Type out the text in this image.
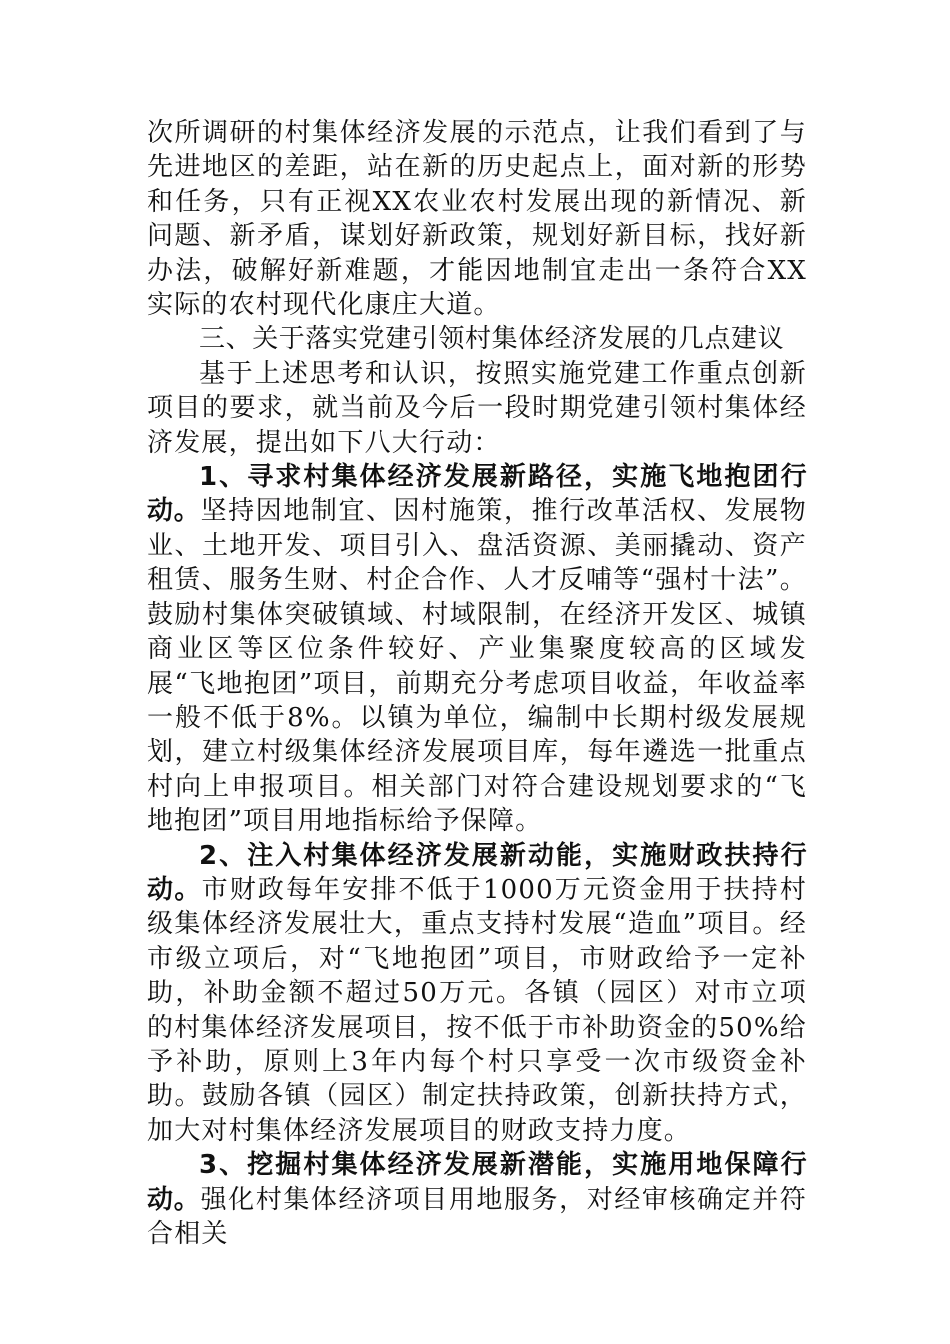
次所调研的村集体经济发展的示范点，让我们看到了与先进地区的差距，站在新的历史起点上，面对新的形势和任务，只有正视XX农业农村发展出现的新情况、新问题、新矛盾，谋划好新政策，规划好新目标，找好新办法，破解好新难题，才能因地制宜走出一条符合XX实际的农村现代化康庄大道。

三、关于落实党建引领村集体经济发展的几点建议

基于上述思考和认识，按照实施党建工作重点创新项目的要求，就当前及今后一段时期党建引领村集体经济发展，提出如下八大行动：

1、寻求村集体经济发展新路径，实施飞地抱团行动。坚持因地制宜、因村施策，推行改革活权、发展物业、土地开发、项目引入、盘活资源、美丽撬动、资产租赁、服务生财、村企合作、人才反哺等“强村十法”。鼓励村集体突破镇域、村域限制，在经济开发区、城镇商业区等区位条件较好、产业集聚度较高的区域发展“飞地抱团”项目，前期充分考虑项目收益，年收益率一般不低于8%。以镇为单位，编制中长期村级发展规划，建立村级集体经济发展项目库，每年遴选一批重点村向上申报项目。相关部门对符合建设规划要求的“飞地抱团”项目用地指标给予保障。

2、注入村集体经济发展新动能，实施财政扶持行动。市财政每年安排不低于1000万元资金用于扶持村级集体经济发展壮大，重点支持村发展“造血”项目。经市级立项后，对“飞地抱团”项目，市财政给予一定补助，补助金额不超过50万元。各镇（园区）对市立项的村集体经济发展项目，按不低于市补助资金的50%给予补助，原则上3年内每个村只享受一次市级资金补助。鼓励各镇（园区）制定扶持政策，创新扶持方式，加大对村集体经济发展项目的财政支持力度。

3、挖掘村集体经济发展新潜能，实施用地保障行动。强化村集体经济项目用地服务，对经审核确定并符合相关
